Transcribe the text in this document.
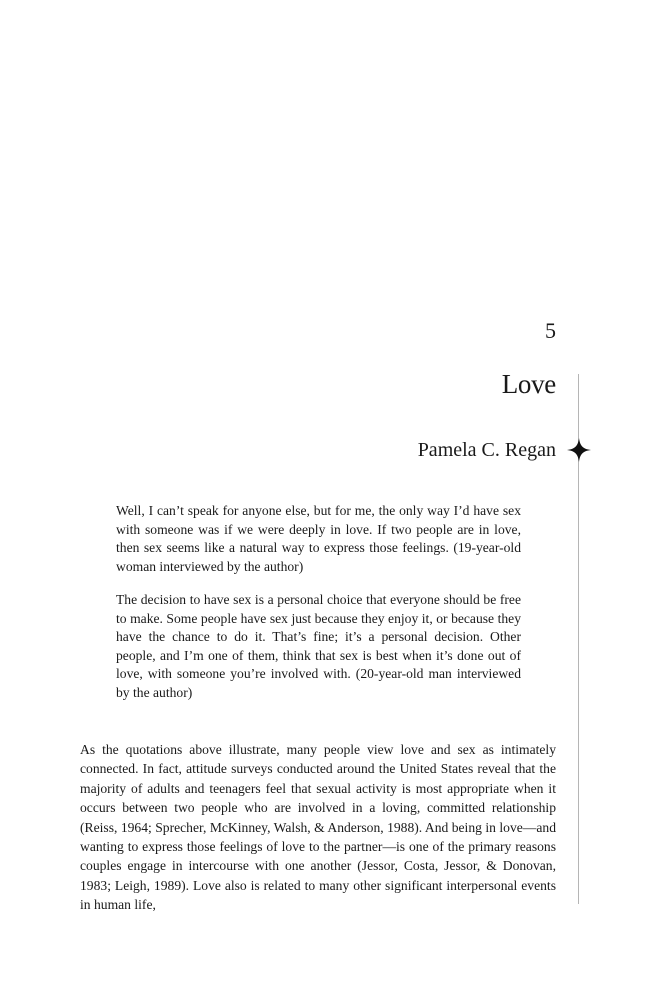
5
Love
Pamela C. Regan

Well, I can’t speak for anyone else, but for me, the only way I’d have sex with someone was if we were deeply in love. If two people are in love, then sex seems like a natural way to express those feelings. (19-year-old woman interviewed by the author)

The decision to have sex is a personal choice that everyone should be free to make. Some people have sex just because they enjoy it, or because they have the chance to do it. That’s fine; it’s a personal decision. Other people, and I’m one of them, think that sex is best when it’s done out of love, with someone you’re involved with. (20-year-old man interviewed by the author)

As the quotations above illustrate, many people view love and sex as intimately connected. In fact, attitude surveys conducted around the United States reveal that the majority of adults and teenagers feel that sexual activity is most appropriate when it occurs between two people who are involved in a loving, committed relationship (Reiss, 1964; Sprecher, McKinney, Walsh, & Anderson, 1988). And being in love—and wanting to express those feelings of love to the partner—is one of the primary reasons couples engage in intercourse with one another (Jessor, Costa, Jessor, & Donovan, 1983; Leigh, 1989). Love also is related to many other significant interpersonal events in human life,
